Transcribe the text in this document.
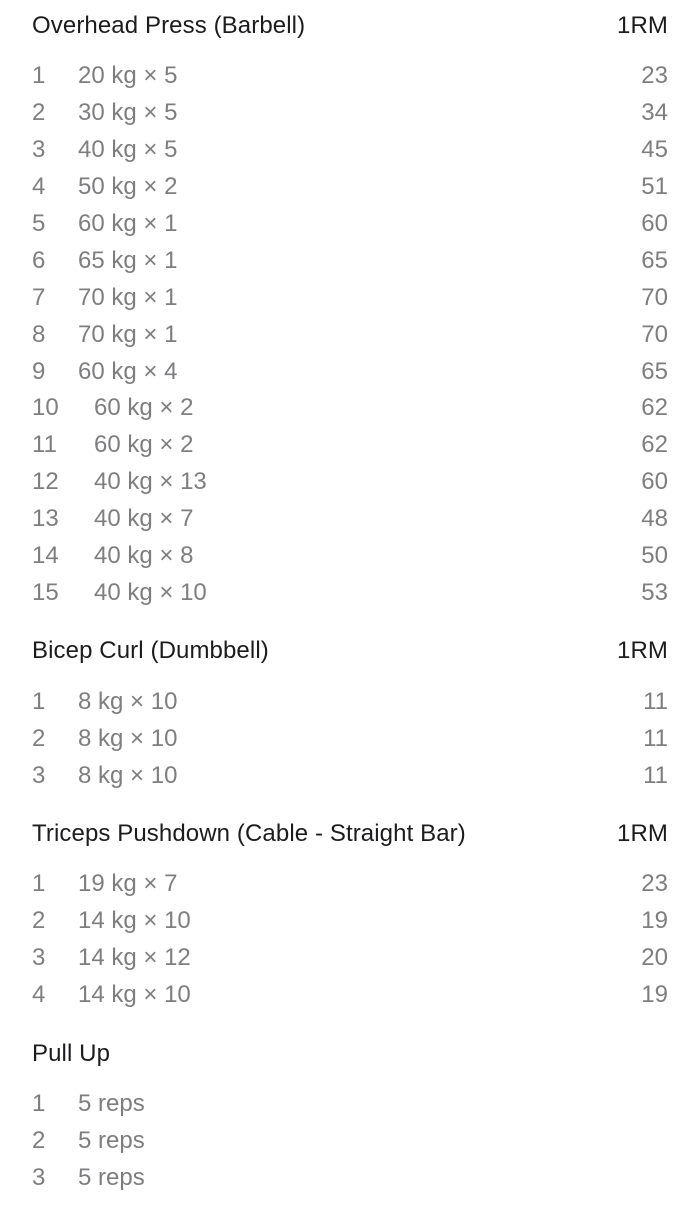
Overhead Press (Barbell)	1RM
1	20 kg × 5	23
2	30 kg × 5	34
3	40 kg × 5	45
4	50 kg × 2	51
5	60 kg × 1	60
6	65 kg × 1	65
7	70 kg × 1	70
8	70 kg × 1	70
9	60 kg × 4	65
10	60 kg × 2	62
11	60 kg × 2	62
12	40 kg × 13	60
13	40 kg × 7	48
14	40 kg × 8	50
15	40 kg × 10	53
Bicep Curl (Dumbbell)	1RM
1	8 kg × 10	11
2	8 kg × 10	11
3	8 kg × 10	11
Triceps Pushdown (Cable - Straight Bar)	1RM
1	19 kg × 7	23
2	14 kg × 10	19
3	14 kg × 12	20
4	14 kg × 10	19
Pull Up
1	5 reps
2	5 reps
3	5 reps
